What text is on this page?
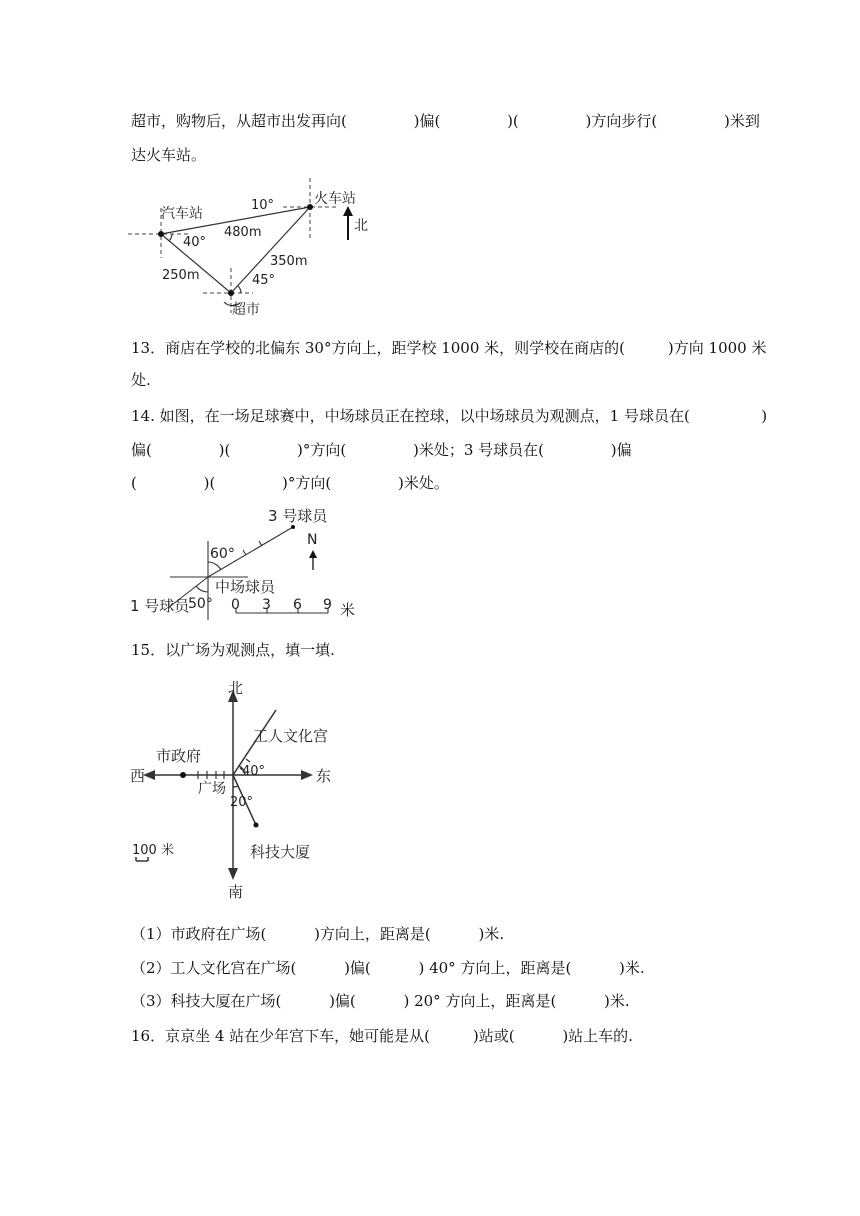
超市，购物后，从超市出发再向(              )偏(              )(              )方向步行(              )米到
达火车站。
北
汽车站
火车站
超市
10°
40°
480m
250m
350m
45°
13．商店在学校的北偏东 30°方向上，距学校 1000 米，则学校在商店的(         )方向 1000 米
处.
14. 如图，在一场足球赛中，中场球员正在控球，以中场球员为观测点，1 号球员在(               )
偏(              )(              )°方向(              )米处；3 号球员在(              )偏
(              )(              )°方向(              )米处。
N
3 号球员
60°
中场球员
1 号球员
50° 0 3 6 9 米
15．以广场为观测点，填一填.
北
南
东
西
市政府
工人文化宫
广场
40°
20°
科技大厦
100 米
（1）市政府在广场(          )方向上，距离是(          )米.
（2）工人文化宫在广场(          )偏(          ) 40° 方向上，距离是(          )米.
（3）科技大厦在广场(          )偏(          ) 20° 方向上，距离是(          )米.
16．京京坐 4 站在少年宫下车，她可能是从(         )站或(          )站上车的.
